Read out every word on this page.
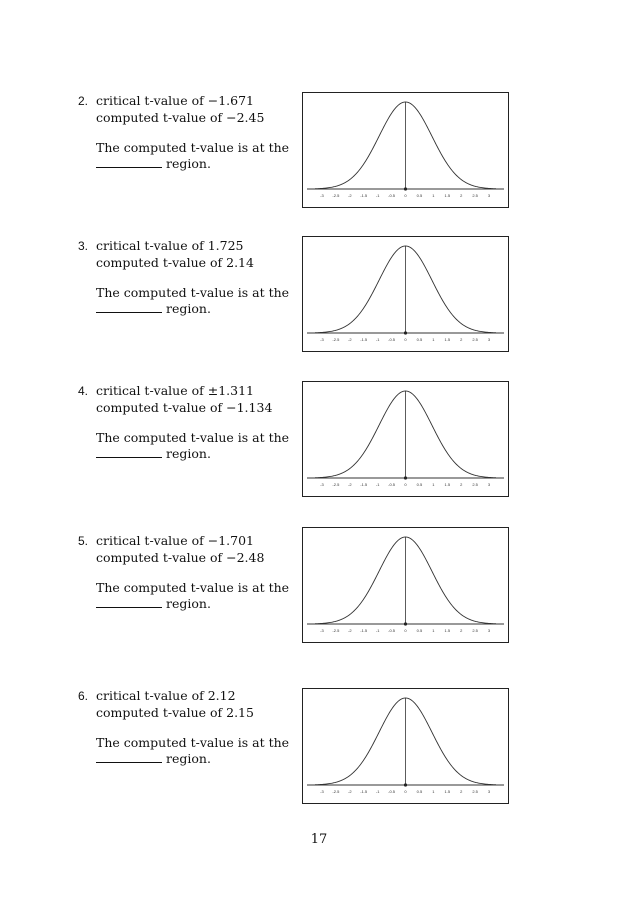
2. critical t-value of −1.671
computed t-value of −2.45
The computed t-value is at the
region.
-3 -2.5 -2 -1.5 -1 -0.5 0	0.5	1	1.5	2	2.5	3
3. critical t-value of 1.725
computed t-value of 2.14
The computed t-value is at the
region.
-3 -2.5 -2 -1.5 -1 -0.5 0	0.5	1	1.5	2	2.5	3
4. critical t-value of ±1.311
computed t-value of −1.134
The computed t-value is at the
region.
-3 -2.5 -2 -1.5 -1 -0.5 0	0.5	1	1.5	2	2.5	3
5. critical t-value of −1.701
computed t-value of −2.48
The computed t-value is at the
region.
-3 -2.5 -2 -1.5 -1 -0.5 0	0.5	1	1.5	2	2.5	3
6. critical t-value of 2.12
computed t-value of 2.15
The computed t-value is at the
region.
-3 -2.5 -2 -1.5 -1 -0.5 0	0.5	1	1.5	2	2.5	3
17
